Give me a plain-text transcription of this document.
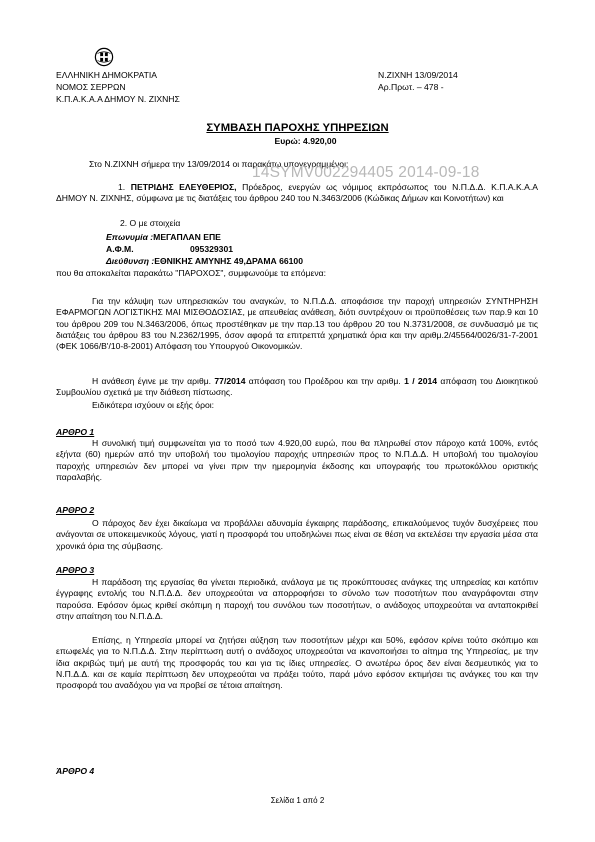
ΕΛΛΗΝΙΚΗ ΔΗΜΟΚΡΑΤΙΑ
ΝΟΜΟΣ ΣΕΡΡΩΝ
Κ.Π.Α.Κ.Α.Α ΔΗΜΟΥ Ν. ΖΙΧΝΗΣ
Ν.ΖΙΧΝΗ 13/09/2014
Αρ.Πρωτ. – 478 -
ΣΥΜΒΑΣΗ ΠΑΡΟΧΗΣ ΥΠΗΡΕΣΙΩΝ
Ευρώ: 4.920,00
Στο Ν.ΖΙΧΝΗ σήμερα την 13/09/2014 οι παρακάτω υπογεγραμμένοι:
14SYMV002294405 2014-09-18
1. ΠΕΤΡΙΔΗΣ ΕΛΕΥΘΕΡΙΟΣ, Πρόεδρος, ενεργών ως νόμιμος εκπρόσωπος του Ν.Π.Δ.Δ. Κ.Π.Α.Κ.Α.Α ΔΗΜΟΥ Ν. ΖΙΧΝΗΣ, σύμφωνα με τις διατάξεις του άρθρου 240 του Ν.3463/2006 (Κώδικας Δήμων και Κοινοτήτων) και
2. Ο με στοιχεία
Επωνυμία :ΜΕΓΑΠΛΑΝ ΕΠΕ
Α.Φ.Μ.	095329301
Διεύθυνση :ΕΘΝΙΚΗΣ ΑΜΥΝΗΣ 49,ΔΡΑΜΑ 66100
που θα αποκαλείται παρακάτω "ΠΑΡΟΧΟΣ", συμφωνούμε τα επόμενα:
Για την κάλυψη των υπηρεσιακών του αναγκών, το Ν.Π.Δ.Δ. αποφάσισε την παροχή υπηρεσιών ΣΥΝΤΗΡΗΣΗ ΕΦΑΡΜΟΓΩΝ ΛΟΓΙΣΤΙΚΗΣ ΜΑΙ ΜΙΣΘΟΔΟΣΙΑΣ, με απευθείας ανάθεση, διότι συντρέχουν οι προϋποθέσεις των παρ.9 και 10 του άρθρου 209 του Ν.3463/2006, όπως προστέθηκαν με την παρ.13 του άρθρου 20 του Ν.3731/2008, σε συνδυασμό με τις διατάξεις του άρθρου 83 του Ν.2362/1995, όσον αφορά τα επιτρεπτά χρηματικά όρια και την αριθμ.2/45564/0026/31-7-2001 (ΦΕΚ 1066/Β'/10-8-2001) Απόφαση του Υπουργού Οικονομικών.
Η ανάθεση έγινε με την αριθμ. 77/2014 απόφαση του Προέδρου και την αριθμ. 1 / 2014 απόφαση του Διοικητικού Συμβουλίου σχετικά με την διάθεση πίστωσης.
Ειδικότερα ισχύουν οι εξής όροι:
ΑΡΘΡΟ 1
Η συνολική τιμή συμφωνείται για το ποσό των 4.920,00 ευρώ, που θα πληρωθεί στον πάροχο κατά 100%, εντός εξήντα (60) ημερών από την υποβολή του τιμολογίου παροχής υπηρεσιών προς το Ν.Π.Δ.Δ. Η υποβολή του τιμολογίου παροχής υπηρεσιών δεν μπορεί να γίνει πριν την ημερομηνία έκδοσης και υπογραφής του πρωτοκόλλου οριστικής παραλαβής.
ΑΡΘΡΟ 2
Ο πάροχος δεν έχει δικαίωμα να προβάλλει αδυναμία έγκαιρης παράδοσης, επικαλούμενος τυχόν δυσχέρειες που ανάγονται σε υποκειμενικούς λόγους, γιατί η προσφορά του υποδηλώνει πως είναι σε θέση να εκτελέσει την εργασία μέσα στα χρονικά όρια της σύμβασης.
ΑΡΘΡΟ 3
Η παράδοση της εργασίας θα γίνεται περιοδικά, ανάλογα με τις προκύπτουσες ανάγκες της υπηρεσίας και κατόπιν έγγραφης εντολής του Ν.Π.Δ.Δ. δεν υποχρεούται να απορροφήσει το σύνολο των ποσοτήτων που αναγράφονται στην παρούσα. Εφόσον όμως κριθεί σκόπιμη η παροχή του συνόλου των ποσοτήτων, ο ανάδοχος υποχρεούται να ανταποκριθεί στην απαίτηση του Ν.Π.Δ.Δ.
Επίσης, η Υπηρεσία μπορεί να ζητήσει αύξηση των ποσοτήτων μέχρι και 50%, εφόσον κρίνει τούτο σκόπιμο και επωφελές για το Ν.Π.Δ.Δ. Στην περίπτωση αυτή ο ανάδοχος υποχρεούται να ικανοποιήσει το αίτημα της Υπηρεσίας, με την ίδια ακριβώς τιμή με αυτή της προσφοράς του και για τις ίδιες υπηρεσίες. Ο ανωτέρω όρος δεν είναι δεσμευτικός για το Ν.Π.Δ.Δ. και σε καμία περίπτωση δεν υποχρεούται να πράξει τούτο, παρά μόνο εφόσον εκτιμήσει τις ανάγκες του και την προσφορά του αναδόχου για να προβεί σε τέτοια απαίτηση.
ΆΡΘΡΟ 4
Σελίδα 1 από 2
